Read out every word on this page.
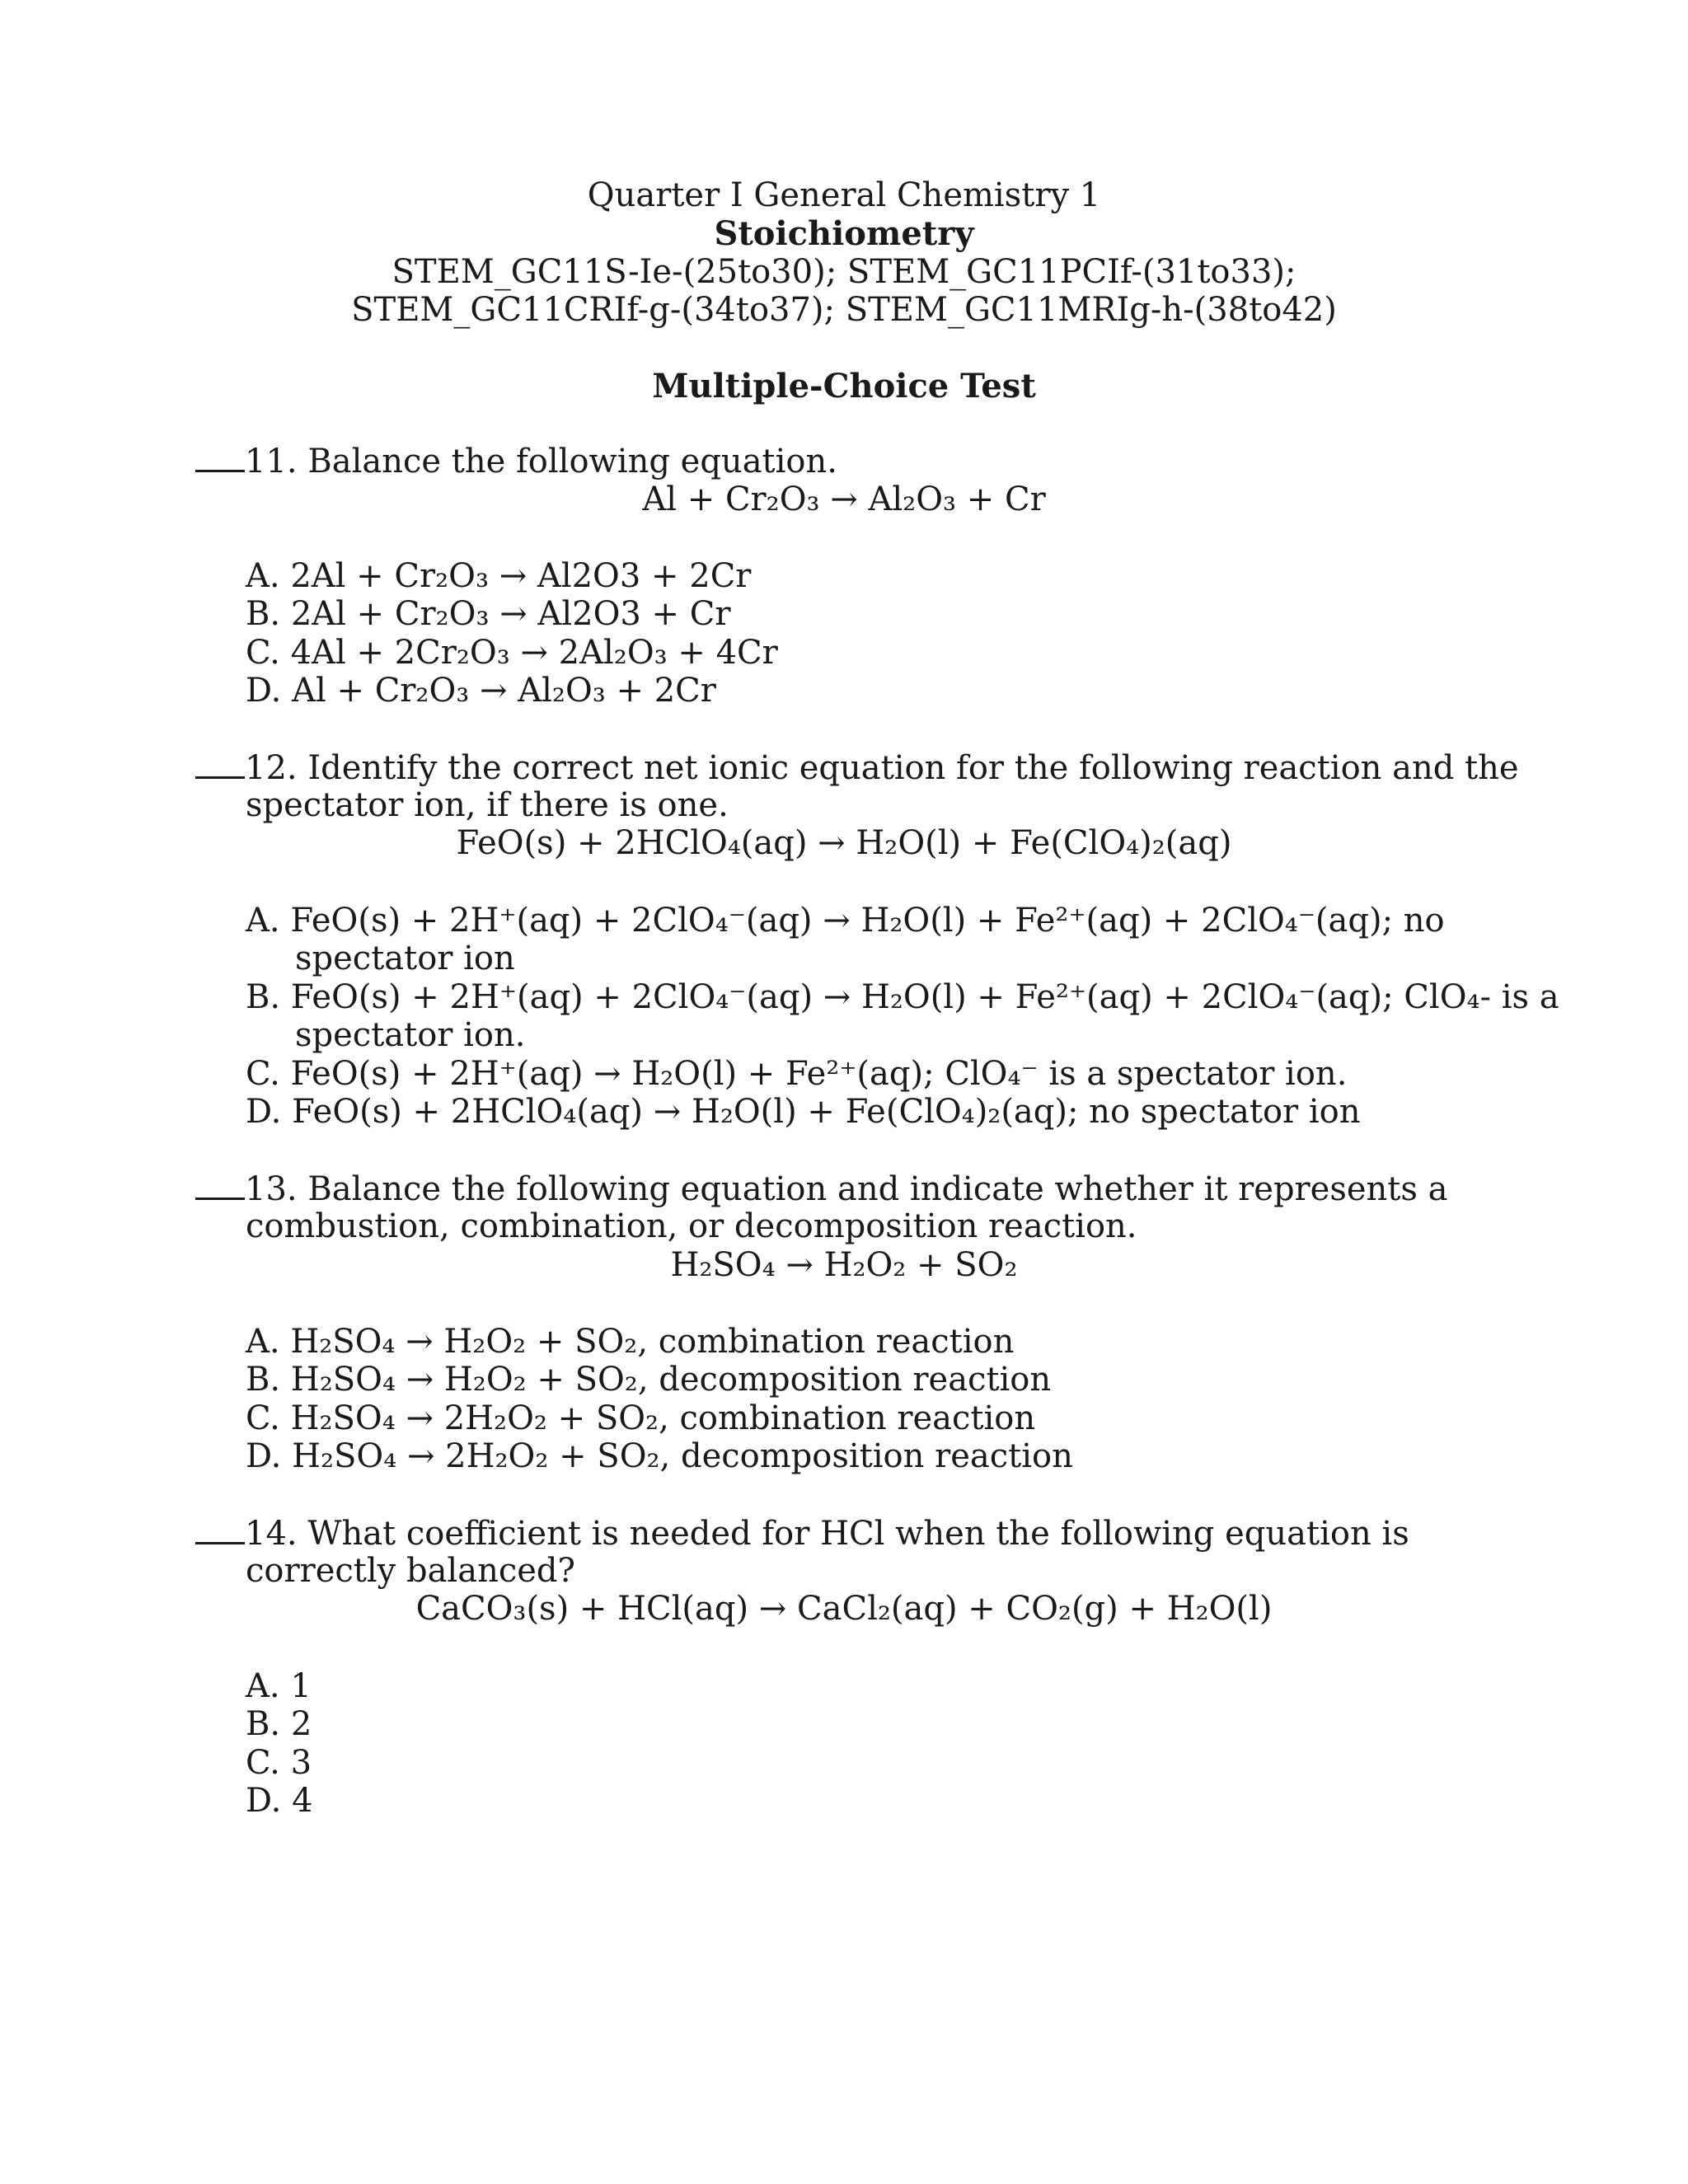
Quarter I General Chemistry 1
Stoichiometry
STEM_GC11S-Ie-(25to30); STEM_GC11PCIf-(31to33);
STEM_GC11CRIf-g-(34to37); STEM_GC11MRIg-h-(38to42)
Multiple-Choice Test
11. Balance the following equation.
Al + Cr₂O₃ → Al₂O₃ + Cr
A. 2Al + Cr₂O₃ → Al2O3 + 2Cr
B. 2Al + Cr₂O₃ → Al2O3 + Cr
C. 4Al + 2Cr₂O₃ → 2Al₂O₃ + 4Cr
D. Al + Cr₂O₃ → Al₂O₃ + 2Cr
12. Identify the correct net ionic equation for the following reaction and the
spectator ion, if there is one.
FeO(s) + 2HClO₄(aq) → H₂O(l) + Fe(ClO₄)₂(aq)
A. FeO(s) + 2H⁺(aq) + 2ClO₄⁻(aq) → H₂O(l) + Fe²⁺(aq) + 2ClO₄⁻(aq); no
spectator ion
B. FeO(s) + 2H⁺(aq) + 2ClO₄⁻(aq) → H₂O(l) + Fe²⁺(aq) + 2ClO₄⁻(aq); ClO₄- is a
spectator ion.
C. FeO(s) + 2H⁺(aq) → H₂O(l) + Fe²⁺(aq); ClO₄⁻ is a spectator ion.
D. FeO(s) + 2HClO₄(aq) → H₂O(l) + Fe(ClO₄)₂(aq); no spectator ion
13. Balance the following equation and indicate whether it represents a
combustion, combination, or decomposition reaction.
H₂SO₄ → H₂O₂ + SO₂
A. H₂SO₄ → H₂O₂ + SO₂, combination reaction
B. H₂SO₄ → H₂O₂ + SO₂, decomposition reaction
C. H₂SO₄ → 2H₂O₂ + SO₂, combination reaction
D. H₂SO₄ → 2H₂O₂ + SO₂, decomposition reaction
14. What coefficient is needed for HCl when the following equation is
correctly balanced?
CaCO₃(s) + HCl(aq) → CaCl₂(aq) + CO₂(g) + H₂O(l)
A. 1
B. 2
C. 3
D. 4
